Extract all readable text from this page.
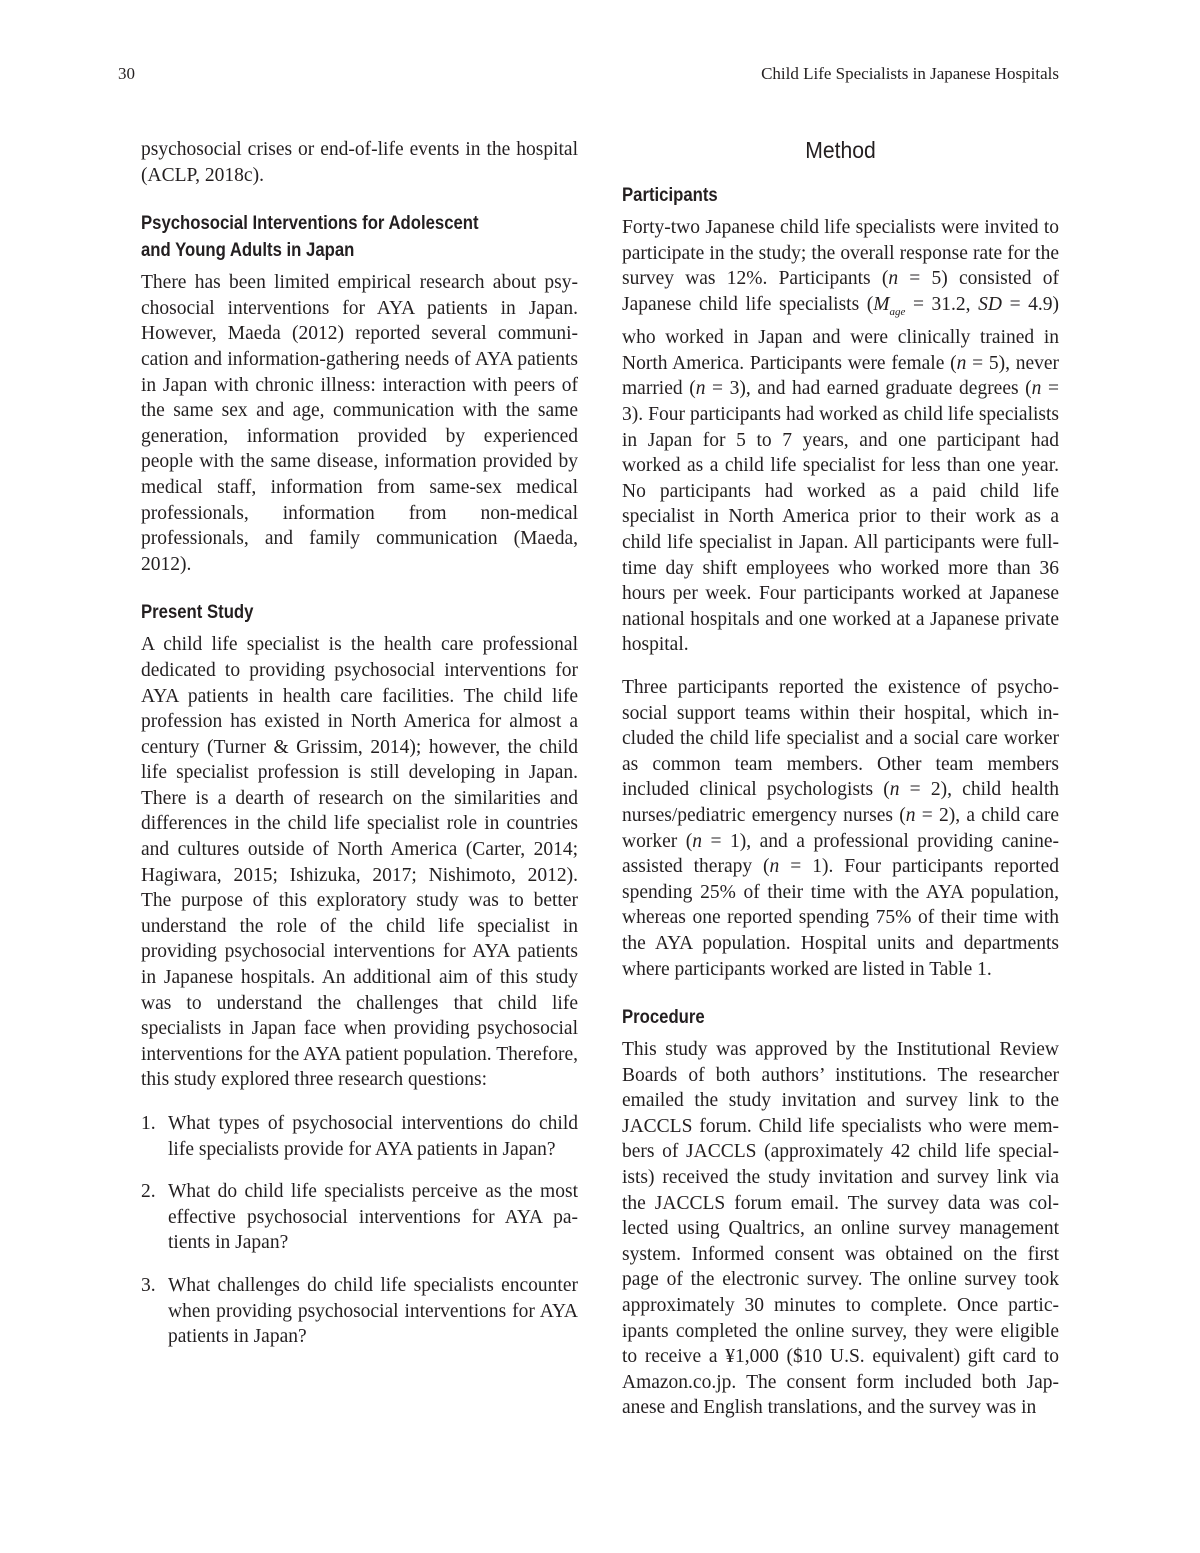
30	Child Life Specialists in Japanese Hospitals

psychosocial crises or end-of-life events in the hospital (ACLP, 2018c).

Psychosocial Interventions for Adolescent
and Young Adults in Japan

There has been limited empirical research about psychosocial interventions for AYA patients in Japan. However, Maeda (2012) reported several communication and information-gathering needs of AYA patients in Japan with chronic illness: interaction with peers of the same sex and age, communication with the same generation, information provided by experienced people with the same disease, information provided by medical staff, information from same-sex medical professionals, information from non-medical professionals, and family communication (Maeda, 2012).

Present Study

A child life specialist is the health care professional dedicated to providing psychosocial interventions for AYA patients in health care facilities. The child life profession has existed in North America for almost a century (Turner & Grissim, 2014); however, the child life specialist profession is still developing in Japan. There is a dearth of research on the similarities and differences in the child life specialist role in countries and cultures outside of North America (Carter, 2014; Hagiwara, 2015; Ishizuka, 2017; Nishimoto, 2012). The purpose of this exploratory study was to better understand the role of the child life specialist in providing psychosocial interventions for AYA patients in Japanese hospitals. An additional aim of this study was to understand the challenges that child life specialists in Japan face when providing psychosocial interventions for the AYA patient population. Therefore, this study explored three research questions:

1. What types of psychosocial interventions do child life specialists provide for AYA patients in Japan?
2. What do child life specialists perceive as the most effective psychosocial interventions for AYA patients in Japan?
3. What challenges do child life specialists encounter when providing psychosocial interventions for AYA patients in Japan?
Method
Participants

Forty-two Japanese child life specialists were invited to participate in the study; the overall response rate for the survey was 12%. Participants (n = 5) consisted of Japanese child life specialists ($M_{age} = 31.2$, SD = 4.9) who worked in Japan and were clinically trained in North America. Participants were female (n = 5), never married (n = 3), and had earned graduate degrees (n = 3). Four participants had worked as child life specialists in Japan for 5 to 7 years, and one participant had worked as a child life specialist for less than one year. No participants had worked as a paid child life specialist in North America prior to their work as a child life specialist in Japan. All participants were full-time day shift employees who worked more than 36 hours per week. Four participants worked at Japanese national hospitals and one worked at a Japanese private hospital.

Three participants reported the existence of psychosocial support teams within their hospital, which included the child life specialist and a social care worker as common team members. Other team members included clinical psychologists (n = 2), child health nurses/pediatric emergency nurses (n = 2), a child care worker (n = 1), and a professional providing canine-assisted therapy (n = 1). Four participants reported spending 25% of their time with the AYA population, whereas one reported spending 75% of their time with the AYA population. Hospital units and departments where participants worked are listed in Table 1.

Procedure

This study was approved by the Institutional Review Boards of both authors’ institutions. The researcher emailed the study invitation and survey link to the JACCLS forum. Child life specialists who were members of JACCLS (approximately 42 child life specialists) received the study invitation and survey link via the JACCLS forum email. The survey data was collected using Qualtrics, an online survey management system. Informed consent was obtained on the first page of the electronic survey. The online survey took approximately 30 minutes to complete. Once participants completed the online survey, they were eligible to receive a ¥1,000 ($10 U.S. equivalent) gift card to Amazon.co.jp. The consent form included both Japanese and English translations, and the survey was in
